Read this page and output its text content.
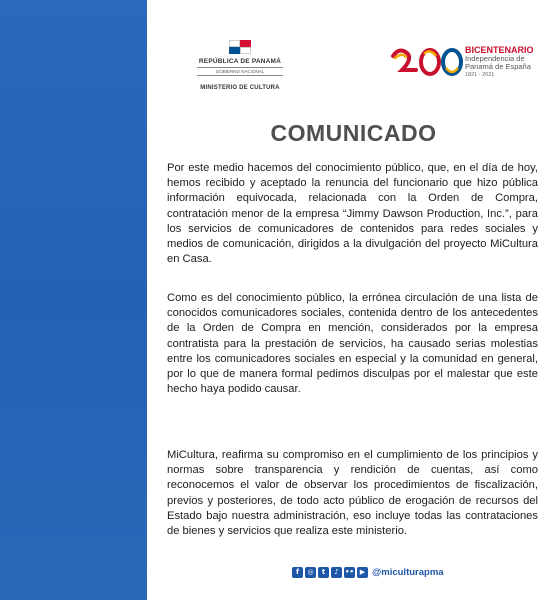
REPÚBLICA DE PANAMÁ
GOBIERNO NACIONAL
MINISTERIO DE CULTURA
BICENTENARIO
Independencia de
Panamá de España
1821 - 2021
COMUNICADO

Por este medio hacemos del conocimiento público, que, en el día de hoy, hemos recibido y aceptado la renuncia del funcionario que hizo pública información equivocada, relacionada con la Orden de Compra, contratación menor de la empresa “Jimmy Dawson Production, Inc.”, para los servicios de comunicadores de contenidos para redes sociales y medios de comunicación, dirigidos a la divulgación del proyecto MiCultura en Casa.

Como es del conocimiento público, la errónea circulación de una lista de conocidos comunicadores sociales, contenida dentro de los antecedentes de la Orden de Compra en mención, considerados por la empresa contratista para la prestación de servicios, ha causado serias molestias entre los comunicadores sociales en especial y la comunidad en general, por lo que de manera formal pedimos disculpas por el malestar que este hecho haya podido causar.

MiCultura, reafirma su compromiso en el cumplimiento de los principios y normas sobre transparencia y rendición de cuentas, así como reconocemos el valor de observar los procedimientos de fiscalización, previos y posteriores, de todo acto público de erogación de recursos del Estado bajo nuestra administración, eso incluye todas las contrataciones de bienes y servicios que realiza este ministerio.

f	◎	t	♪ •• ▶ @miculturapma
